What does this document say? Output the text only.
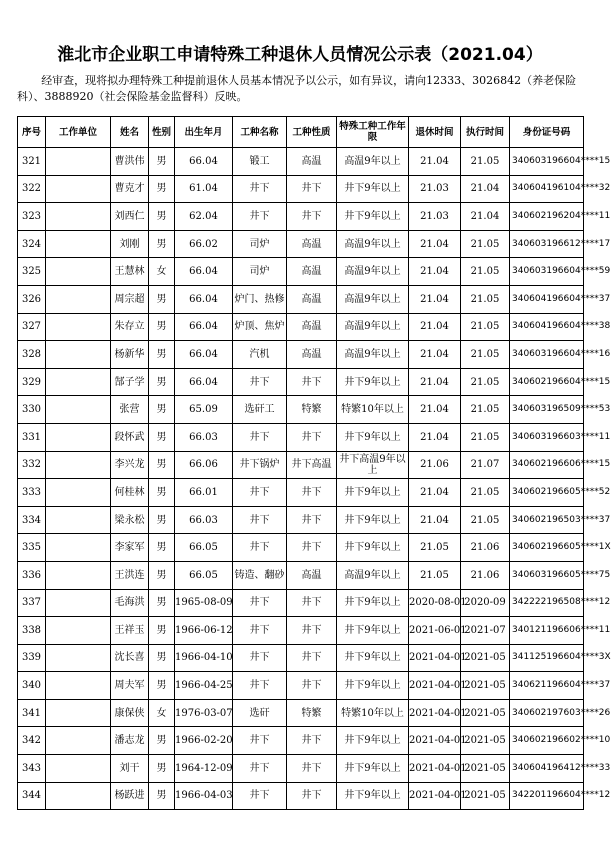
淮北市企业职工申请特殊工种退休人员情况公示表（2021.04）
经审查，现将拟办理特殊工种提前退休人员基本情况予以公示，如有异议，请向12333、3026842（养老保险科）、3888920（社会保险基金监督科）反映。
序号	工作单位	姓名	性别	出生年月	工种名称	工种性质	特殊工种工作年限	退休时间	执行时间	身份证号码
321		曹洪伟	男	66.04	锻工	高温	高温9年以上	21.04	21.05	340603196604****15
322		曹克才	男	61.04	井下	井下	井下9年以上	21.03	21.04	340604196104****32
323		刘西仁	男	62.04	井下	井下	井下9年以上	21.03	21.04	340602196204****11
324		刘刚	男	66.02	司炉	高温	高温9年以上	21.04	21.05	340603196612****17
325		王慧林	女	66.04	司炉	高温	高温9年以上	21.04	21.05	340603196604****59
326		周宗超	男	66.04	炉门、热修	高温	高温9年以上	21.04	21.05	340604196604****37
327		朱存立	男	66.04	炉顶、焦炉	高温	高温9年以上	21.04	21.05	340604196604****38
328		杨新华	男	66.04	汽机	高温	高温9年以上	21.04	21.05	340603196604****16
329		郜子学	男	66.04	井下	井下	井下9年以上	21.04	21.05	340602196604****15
330		张营	男	65.09	选矸工	特繁	特繁10年以上	21.04	21.05	340603196509****53
331		段怀武	男	66.03	井下	井下	井下9年以上	21.04	21.05	340603196603****11
332		李兴龙	男	66.06	井下锅炉	井下高温	井下高温9年以上	21.06	21.07	340602196606****15
333		何桂林	男	66.01	井下	井下	井下9年以上	21.04	21.05	340602196605****52
334		梁永松	男	66.03	井下	井下	井下9年以上	21.04	21.05	340602196503****37
335		李家军	男	66.05	井下	井下	井下9年以上	21.05	21.06	340602196605****1X
336		王洪连	男	66.05	铸造、翻砂	高温	高温9年以上	21.05	21.06	340603196605****75
337		毛海洪	男	1965-08-09	井下	井下	井下9年以上	2020-08-01	2020-09	342222196508****12
338		王祥玉	男	1966-06-12	井下	井下	井下9年以上	2021-06-01	2021-07	340121196606****11
339		沈长喜	男	1966-04-10	井下	井下	井下9年以上	2021-04-01	2021-05	341125196604****3X
340		周夫军	男	1966-04-25	井下	井下	井下9年以上	2021-04-01	2021-05	340621196604****37
341		康保侠	女	1976-03-07	选矸	特繁	特繁10年以上	2021-04-01	2021-05	340602197603****26
342		潘志龙	男	1966-02-20	井下	井下	井下9年以上	2021-04-01	2021-05	340602196602****10
343		刘干	男	1964-12-09	井下	井下	井下9年以上	2021-04-01	2021-05	340604196412****33
344		杨跃进	男	1966-04-03	井下	井下	井下9年以上	2021-04-01	2021-05	342201196604****12
